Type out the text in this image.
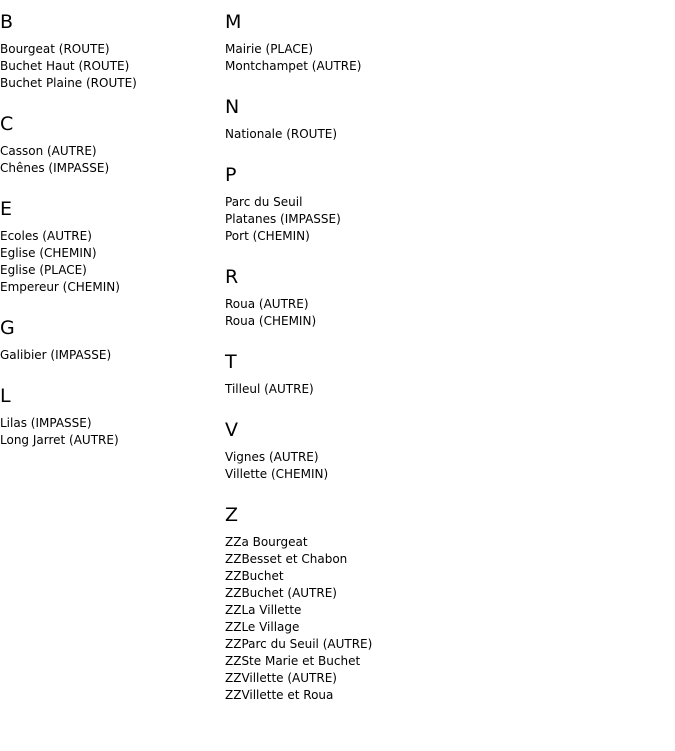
B
Bourgeat (ROUTE)
Buchet Haut (ROUTE)
Buchet Plaine (ROUTE)
C
Casson (AUTRE)
Chênes (IMPASSE)
E
Ecoles (AUTRE)
Eglise (CHEMIN)
Eglise (PLACE)
Empereur (CHEMIN)
G
Galibier (IMPASSE)
L
Lilas (IMPASSE)
Long Jarret (AUTRE)
M
Mairie (PLACE)
Montchampet (AUTRE)
N
Nationale (ROUTE)
P
Parc du Seuil
Platanes (IMPASSE)
Port (CHEMIN)
R
Roua (AUTRE)
Roua (CHEMIN)
T
Tilleul (AUTRE)
V
Vignes (AUTRE)
Villette (CHEMIN)
Z
ZZa Bourgeat
ZZBesset et Chabon
ZZBuchet
ZZBuchet (AUTRE)
ZZLa Villette
ZZLe Village
ZZParc du Seuil (AUTRE)
ZZSte Marie et Buchet
ZZVillette (AUTRE)
ZZVillette et Roua
